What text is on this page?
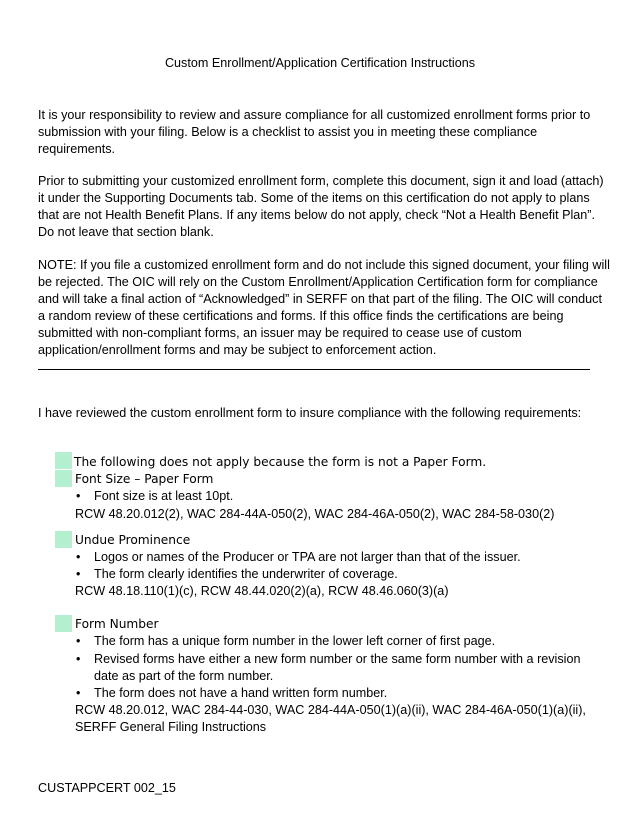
Custom Enrollment/Application Certification Instructions
It is your responsibility to review and assure compliance for all customized enrollment forms prior to submission with your filing. Below is a checklist to assist you in meeting these compliance requirements.
Prior to submitting your customized enrollment form, complete this document, sign it and load (attach) it under the Supporting Documents tab. Some of the items on this certification do not apply to plans that are not Health Benefit Plans. If any items below do not apply, check “Not a Health Benefit Plan”. Do not leave that section blank.
NOTE: If you file a customized enrollment form and do not include this signed document, your filing will be rejected. The OIC will rely on the Custom Enrollment/Application Certification form for compliance and will take a final action of “Acknowledged” in SERFF on that part of the filing. The OIC will conduct a random review of these certifications and forms. If this office finds the certifications are being submitted with non-compliant forms, an issuer may be required to cease use of custom application/enrollment forms and may be subject to enforcement action.
I have reviewed the custom enrollment form to insure compliance with the following requirements:
The following does not apply because the form is not a Paper Form.
Font Size – Paper Form
• Font size is at least 10pt.
RCW 48.20.012(2), WAC 284-44A-050(2), WAC 284-46A-050(2), WAC 284-58-030(2)
Undue Prominence
• Logos or names of the Producer or TPA are not larger than that of the issuer.
• The form clearly identifies the underwriter of coverage.
RCW 48.18.110(1)(c), RCW 48.44.020(2)(a), RCW 48.46.060(3)(a)
Form Number
• The form has a unique form number in the lower left corner of first page.
• Revised forms have either a new form number or the same form number with a revision date as part of the form number.
• The form does not have a hand written form number.
RCW 48.20.012, WAC 284-44-030, WAC 284-44A-050(1)(a)(ii), WAC 284-46A-050(1)(a)(ii),
SERFF General Filing Instructions
CUSTAPPCERT 002_15
